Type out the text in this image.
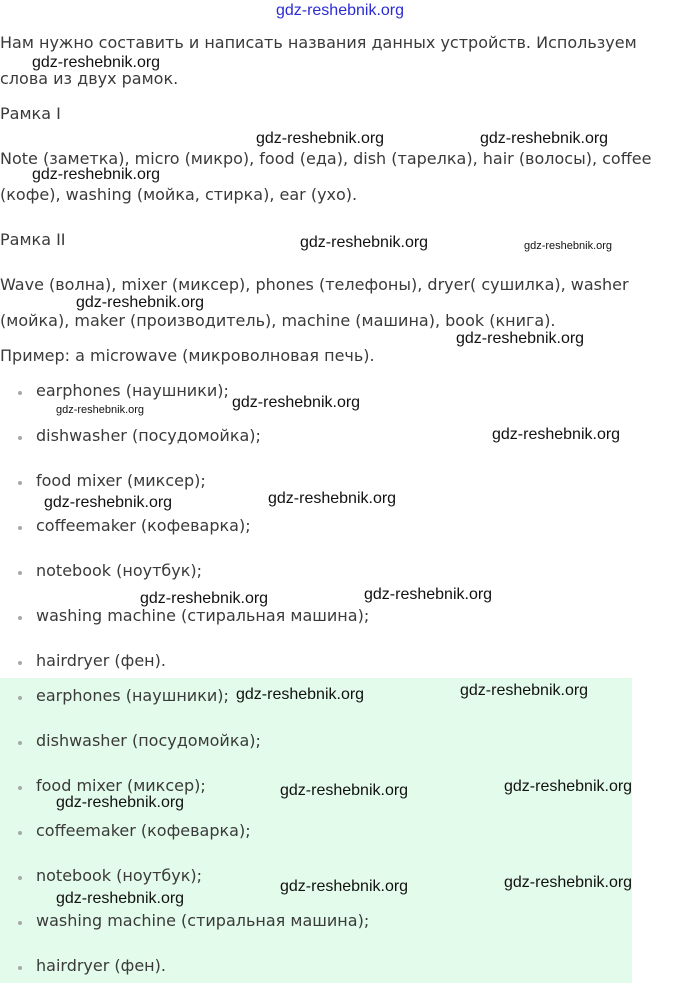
gdz-reshebnik.org
Нам нужно составить и написать названия данных устройств. Используем
слова из двух рамок.
Рамка I
Note (заметка), micro (микро), food (еда), dish (тарелка), hair (волосы), coffee
(кофе), washing (мойка, стирка), ear (ухо).
Рамка II
Wave (волна), mixer (миксер), phones (телефоны), dryer( сушилка), washer
(мойка), maker (производитель), machine (машина), book (книга).
Пример: a microwave (микроволновая печь).
earphones (наушники);
dishwasher (посудомойка);
food mixer (миксер);
coffeemaker (кофеварка);
notebook (ноутбук);
washing machine (стиральная машина);
hairdryer (фен).
earphones (наушники);
dishwasher (посудомойка);
food mixer (миксер);
coffeemaker (кофеварка);
notebook (ноутбук);
washing machine (стиральная машина);
hairdryer (фен).
gdz-reshebnik.org
gdz-reshebnik.org	gdz-reshebnik.org
gdz-reshebnik.org
gdz-reshebnik.org	gdz-reshebnik.org
gdz-reshebnik.org
gdz-reshebnik.org
gdz-reshebnik.org
gdz-reshebnik.org
gdz-reshebnik.org
gdz-reshebnik.org
gdz-reshebnik.org
gdz-reshebnik.org
gdz-reshebnik.org
gdz-reshebnik.org
gdz-reshebnik.org
gdz-reshebnik.org
gdz-reshebnik.org
gdz-reshebnik.org
gdz-reshebnik.org
gdz-reshebnik.org
gdz-reshebnik.org
